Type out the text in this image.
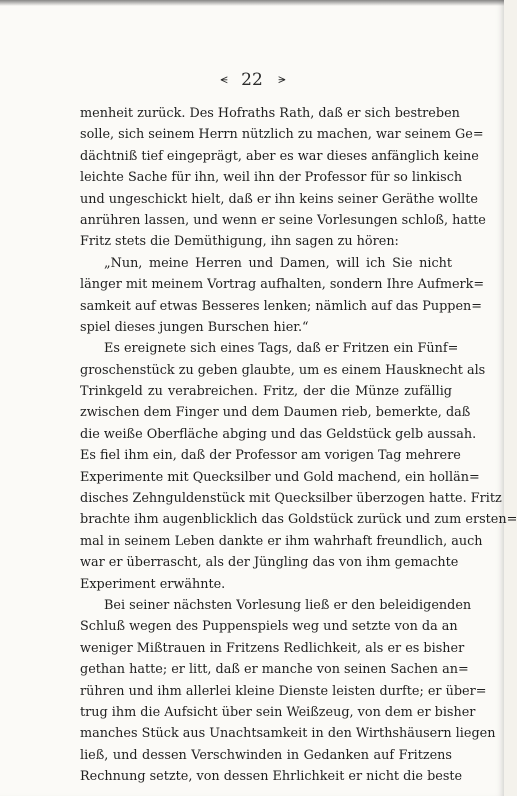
⪪ 22 ⪫
menheit zurück. Des Hofraths Rath, daß er sich bestreben
solle, sich seinem Herrn nützlich zu machen, war seinem Ge=
dächtniß tief eingeprägt, aber es war dieses anfänglich keine
leichte Sache für ihn, weil ihn der Professor für so linkisch
und ungeschickt hielt, daß er ihn keins seiner Geräthe wollte
anrühren lassen, und wenn er seine Vorlesungen schloß, hatte
Fritz stets die Demüthigung, ihn sagen zu hören:
„Nun, meine Herren und Damen, will ich Sie nicht
länger mit meinem Vortrag aufhalten, sondern Ihre Aufmerk=
samkeit auf etwas Besseres lenken; nämlich auf das Puppen=
spiel dieses jungen Burschen hier.“
Es ereignete sich eines Tags, daß er Fritzen ein Fünf=
groschenstück zu geben glaubte, um es einem Hausknecht als
Trinkgeld zu verabreichen. Fritz, der die Münze zufällig
zwischen dem Finger und dem Daumen rieb, bemerkte, daß
die weiße Oberfläche abging und das Geldstück gelb aussah.
Es fiel ihm ein, daß der Professor am vorigen Tag mehrere
Experimente mit Quecksilber und Gold machend, ein hollän=
disches Zehnguldenstück mit Quecksilber überzogen hatte. Fritz
brachte ihm augenblicklich das Goldstück zurück und zum ersten=
mal in seinem Leben dankte er ihm wahrhaft freundlich, auch
war er überrascht, als der Jüngling das von ihm gemachte
Experiment erwähnte.
Bei seiner nächsten Vorlesung ließ er den beleidigenden
Schluß wegen des Puppenspiels weg und setzte von da an
weniger Mißtrauen in Fritzens Redlichkeit, als er es bisher
gethan hatte; er litt, daß er manche von seinen Sachen an=
rühren und ihm allerlei kleine Dienste leisten durfte; er über=
trug ihm die Aufsicht über sein Weißzeug, von dem er bisher
manches Stück aus Unachtsamkeit in den Wirthshäusern liegen
ließ, und dessen Verschwinden in Gedanken auf Fritzens
Rechnung setzte, von dessen Ehrlichkeit er nicht die beste
